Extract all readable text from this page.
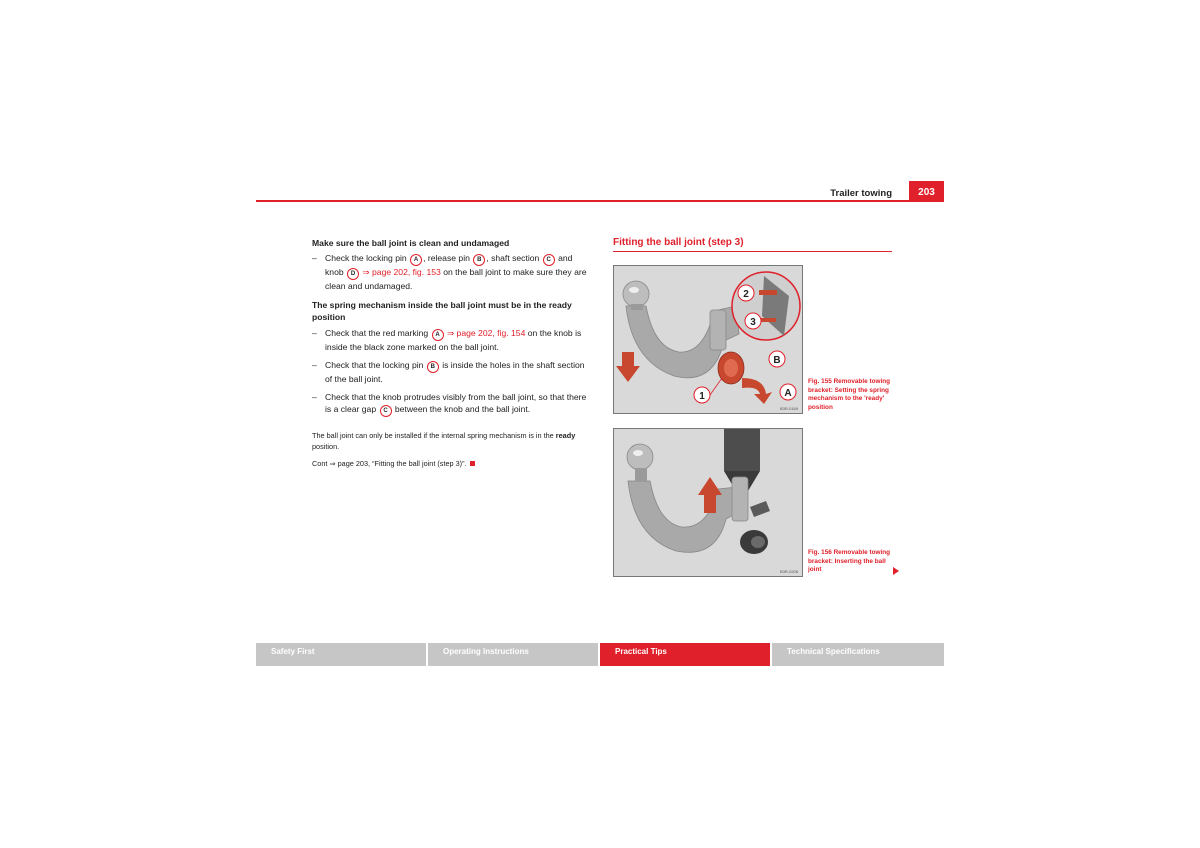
Trailer towing	203
Make sure the ball joint is clean and undamaged
– Check the locking pin A , release pin B , shaft section C and knob D ⇒ page 202, fig. 153 on the ball joint to make sure they are clean and undamaged.
The spring mechanism inside the ball joint must be in the ready position
– Check that the red marking A ⇒ page 202, fig. 154 on the knob is inside the black zone marked on the ball joint.
– Check that the locking pin B is inside the holes in the shaft section of the ball joint.
– Check that the knob protrudes visibly from the ball joint, so that there is a clear gap C between the knob and the ball joint.
The ball joint can only be installed if the internal spring mechanism is in the ready position.
Cont ⇒ page 203, “Fitting the ball joint (step 3)”.
Fitting the ball joint (step 3)
2
3
B
A
1
B3R-0169
Fig. 155 Removable towing bracket: Setting the spring mechanism to the 'ready' position
B3R-0208
Fig. 156 Removable towing bracket: Inserting the ball joint
Safety First	Operating Instructions	Practical Tips	Technical Specifications
